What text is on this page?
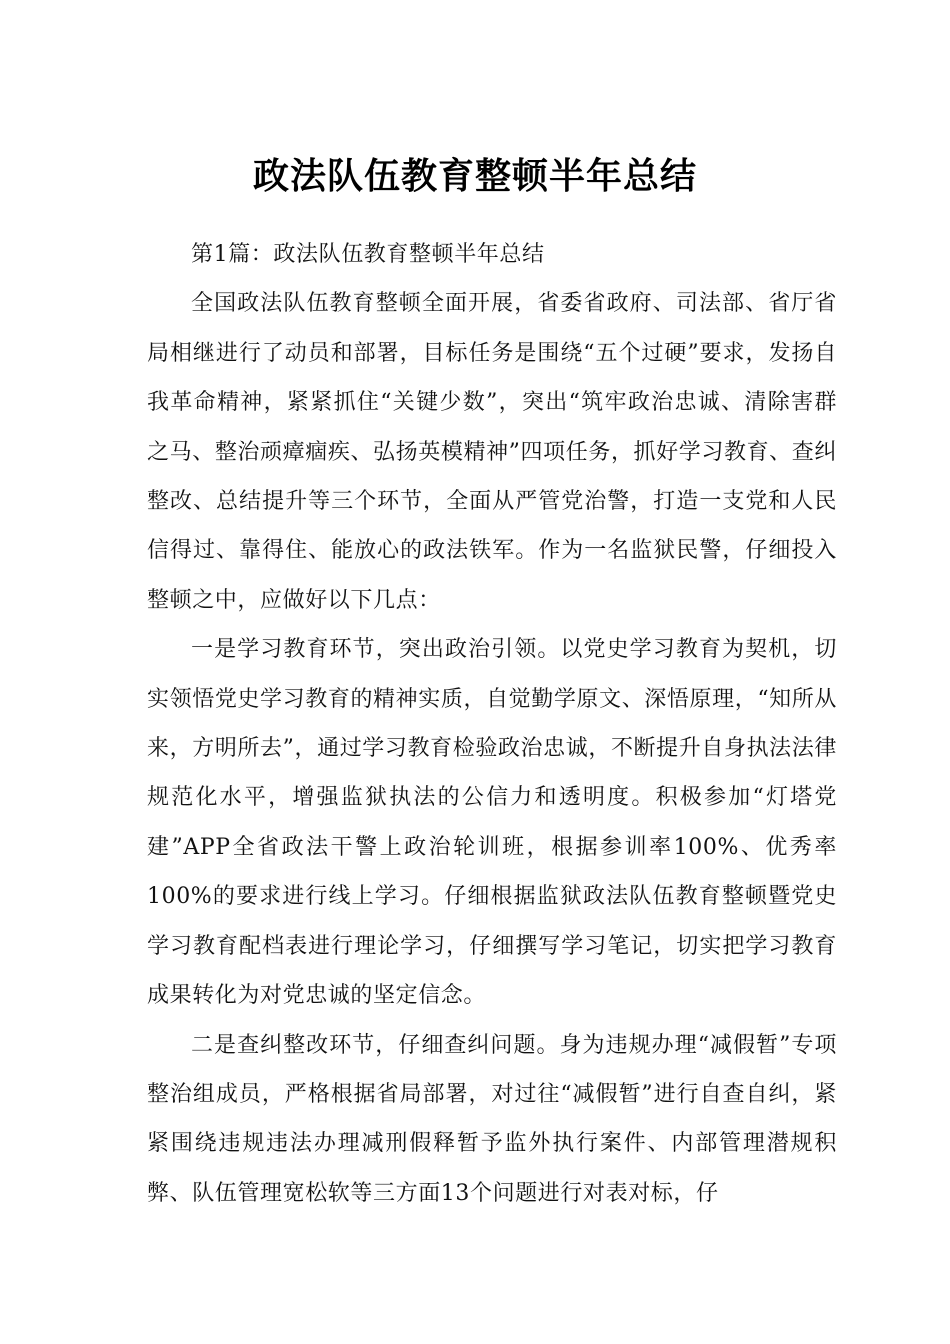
政法队伍教育整顿半年总结

第1篇：政法队伍教育整顿半年总结

全国政法队伍教育整顿全面开展，省委省政府、司法部、省厅省局相继进行了动员和部署，目标任务是围绕“五个过硬”要求，发扬自我革命精神，紧紧抓住“关键少数”，突出“筑牢政治忠诚、清除害群之马、整治顽瘴痼疾、弘扬英模精神”四项任务，抓好学习教育、查纠整改、总结提升等三个环节，全面从严管党治警，打造一支党和人民信得过、靠得住、能放心的政法铁军。作为一名监狱民警，仔细投入整顿之中，应做好以下几点：

一是学习教育环节，突出政治引领。以党史学习教育为契机，切实领悟党史学习教育的精神实质，自觉勤学原文、深悟原理，“知所从来，方明所去”，通过学习教育检验政治忠诚，不断提升自身执法法律规范化水平，增强监狱执法的公信力和透明度。积极参加“灯塔党建”APP全省政法干警上政治轮训班，根据参训率100%、优秀率100%的要求进行线上学习。仔细根据监狱政法队伍教育整顿暨党史学习教育配档表进行理论学习，仔细撰写学习笔记，切实把学习教育成果转化为对党忠诚的坚定信念。

二是查纠整改环节，仔细查纠问题。身为违规办理“减假暂”专项整治组成员，严格根据省局部署，对过往“减假暂”进行自查自纠，紧紧围绕违规违法办理减刑假释暂予监外执行案件、内部管理潜规积弊、队伍管理宽松软等三方面13个问题进行对表对标，仔
